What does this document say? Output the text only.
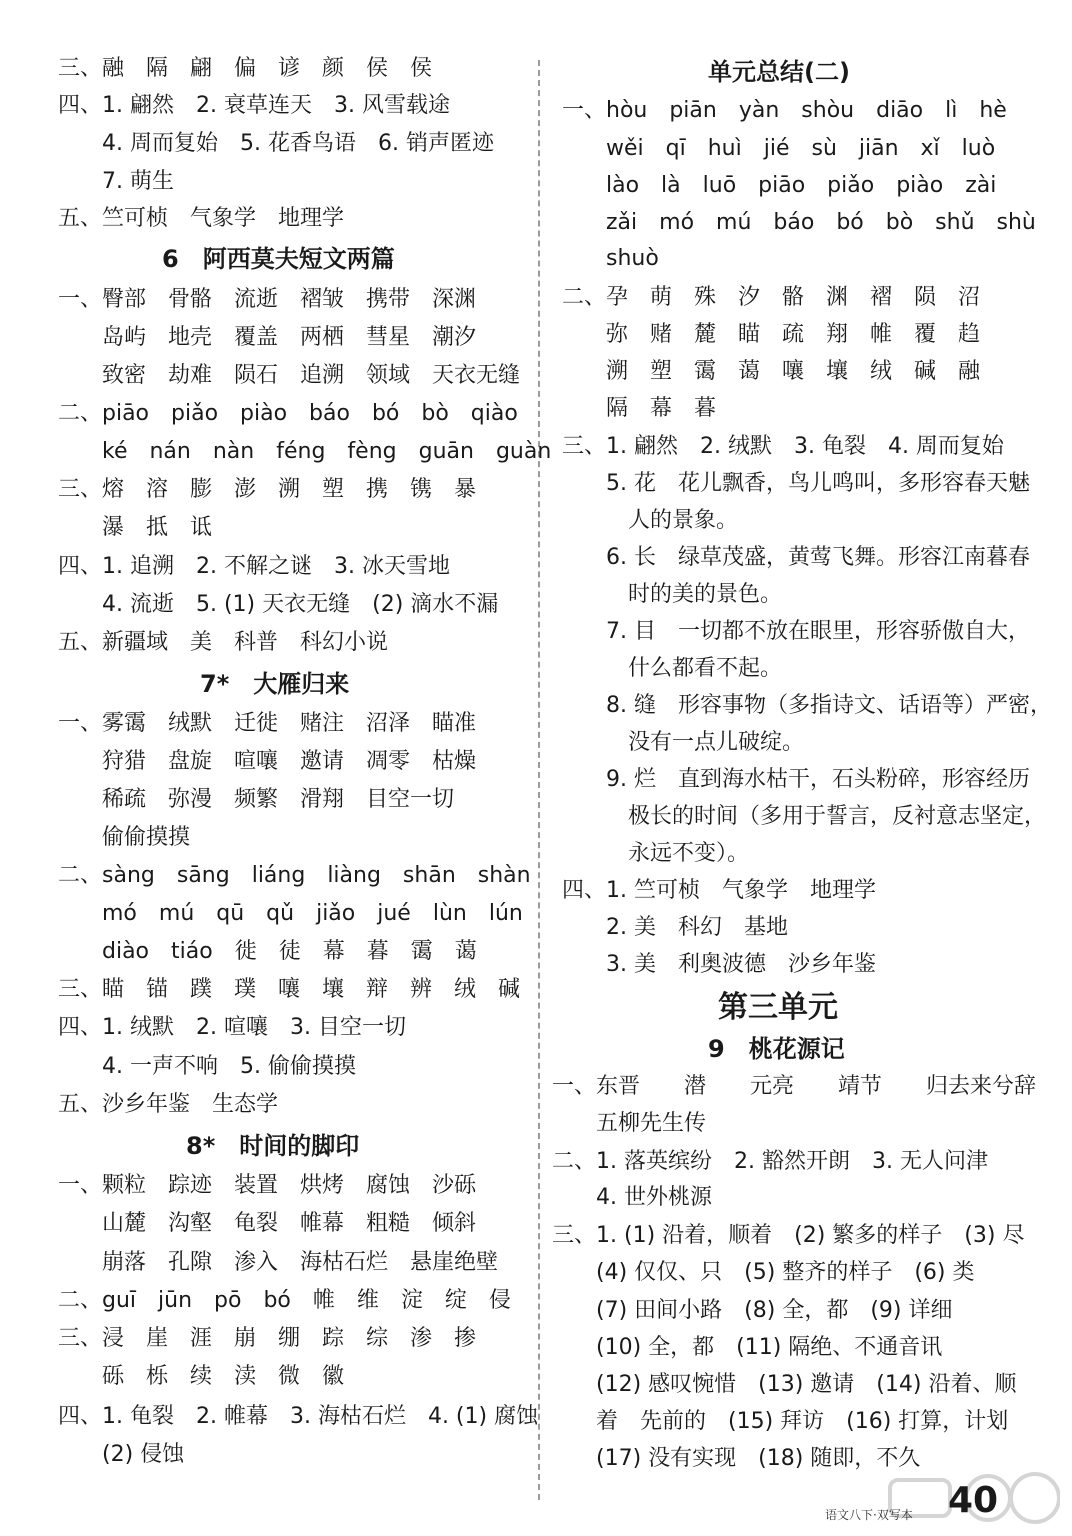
三、融　隔　翩　偏　谚　颜　侯　侯
四、1. 翩然　2. 衰草连天　3. 风雪载途
　　4. 周而复始　5. 花香鸟语　6. 销声匿迹
　　7. 萌生
五、竺可桢　气象学　地理学
6　阿西莫夫短文两篇
一、臀部　骨骼　流逝　褶皱　携带　深渊
　　岛屿　地壳　覆盖　两栖　彗星　潮汐
　　致密　劫难　陨石　追溯　领域　天衣无缝
二、piāo　piǎo　piào　báo　bó　bò　qiào
　　ké　nán　nàn　féng　fèng　guān　guàn
三、熔　溶　膨　澎　溯　塑　携　镌　暴
　　瀑　抵　诋
四、1. 追溯　2. 不解之谜　3. 冰天雪地
　　4. 流逝　5. (1) 天衣无缝　(2) 滴水不漏
五、新疆域　美　科普　科幻小说
7*　大雁归来
一、雾霭　绒默　迁徙　赌注　沼泽　瞄准
　　狩猎　盘旋　喧嚷　邀请　凋零　枯燥
　　稀疏　弥漫　频繁　滑翔　目空一切
　　偷偷摸摸
二、sàng　sāng　liáng　liàng　shān　shàn
　　mó　mú　qū　qǔ　jiǎo　jué　lùn　lún
　　diào　tiáo　徙　徒　幕　暮　霭　蔼
三、瞄　锚　蹼　璞　嚷　壤　辩　辨　绒　碱
四、1. 绒默　2. 喧嚷　3. 目空一切
　　4. 一声不响　5. 偷偷摸摸
五、沙乡年鉴　生态学
8*　时间的脚印
一、颗粒　踪迹　装置　烘烤　腐蚀　沙砾
　　山麓　沟壑　龟裂　帷幕　粗糙　倾斜
　　崩落　孔隙　渗入　海枯石烂　悬崖绝壁
二、guī　jūn　pō　bó　帷　维　淀　绽　侵
三、浸　崖　涯　崩　绷　踪　综　渗　掺
　　砾　栎　续　渎　微　徽
四、1. 龟裂　2. 帷幕　3. 海枯石烂　4. (1) 腐蚀
　　(2) 侵蚀
单元总结(二)
一、hòu　piān　yàn　shòu　diāo　lì　hè
　　wěi　qī　huì　jié　sù　jiān　xǐ　luò
　　lào　là　luō　piāo　piǎo　piào　zài
　　zǎi　mó　mú　báo　bó　bò　shǔ　shù
　　shuò
二、孕　萌　殊　汐　骼　渊　褶　陨　沼
　　弥　赌　麓　瞄　疏　翔　帷　覆　趋
　　溯　塑　霭　蔼　嚷　壤　绒　碱　融
　　隔　幕　暮
三、1. 翩然　2. 绒默　3. 龟裂　4. 周而复始
　　5. 花　花儿飘香，鸟儿鸣叫，多形容春天魅
　　　人的景象。
　　6. 长　绿草茂盛，黄莺飞舞。形容江南暮春
　　　时的美的景色。
　　7. 目　一切都不放在眼里，形容骄傲自大，
　　　什么都看不起。
　　8. 缝　形容事物（多指诗文、话语等）严密，
　　　没有一点儿破绽。
　　9. 烂　直到海水枯干，石头粉碎，形容经历
　　　极长的时间（多用于誓言，反衬意志坚定，
　　　永远不变）。
四、1. 竺可桢　气象学　地理学
　　2. 美　科幻　基地
　　3. 美　利奥波德　沙乡年鉴
第三单元
9　桃花源记
一、东晋　　潜　　元亮　　靖节　　归去来兮辞
　　五柳先生传
二、1. 落英缤纷　2. 豁然开朗　3. 无人问津
　　4. 世外桃源
三、1. (1) 沿着，顺着　(2) 繁多的样子　(3) 尽
　　(4) 仅仅、只　(5) 整齐的样子　(6) 类
　　(7) 田间小路　(8) 全，都　(9) 详细
　　(10) 全，都　(11) 隔绝、不通音讯
　　(12) 感叹惋惜　(13) 邀请　(14) 沿着、顺
　　着　先前的　(15) 拜访　(16) 打算，计划
　　(17) 没有实现　(18) 随即，不久
语文八下·双写本 40
